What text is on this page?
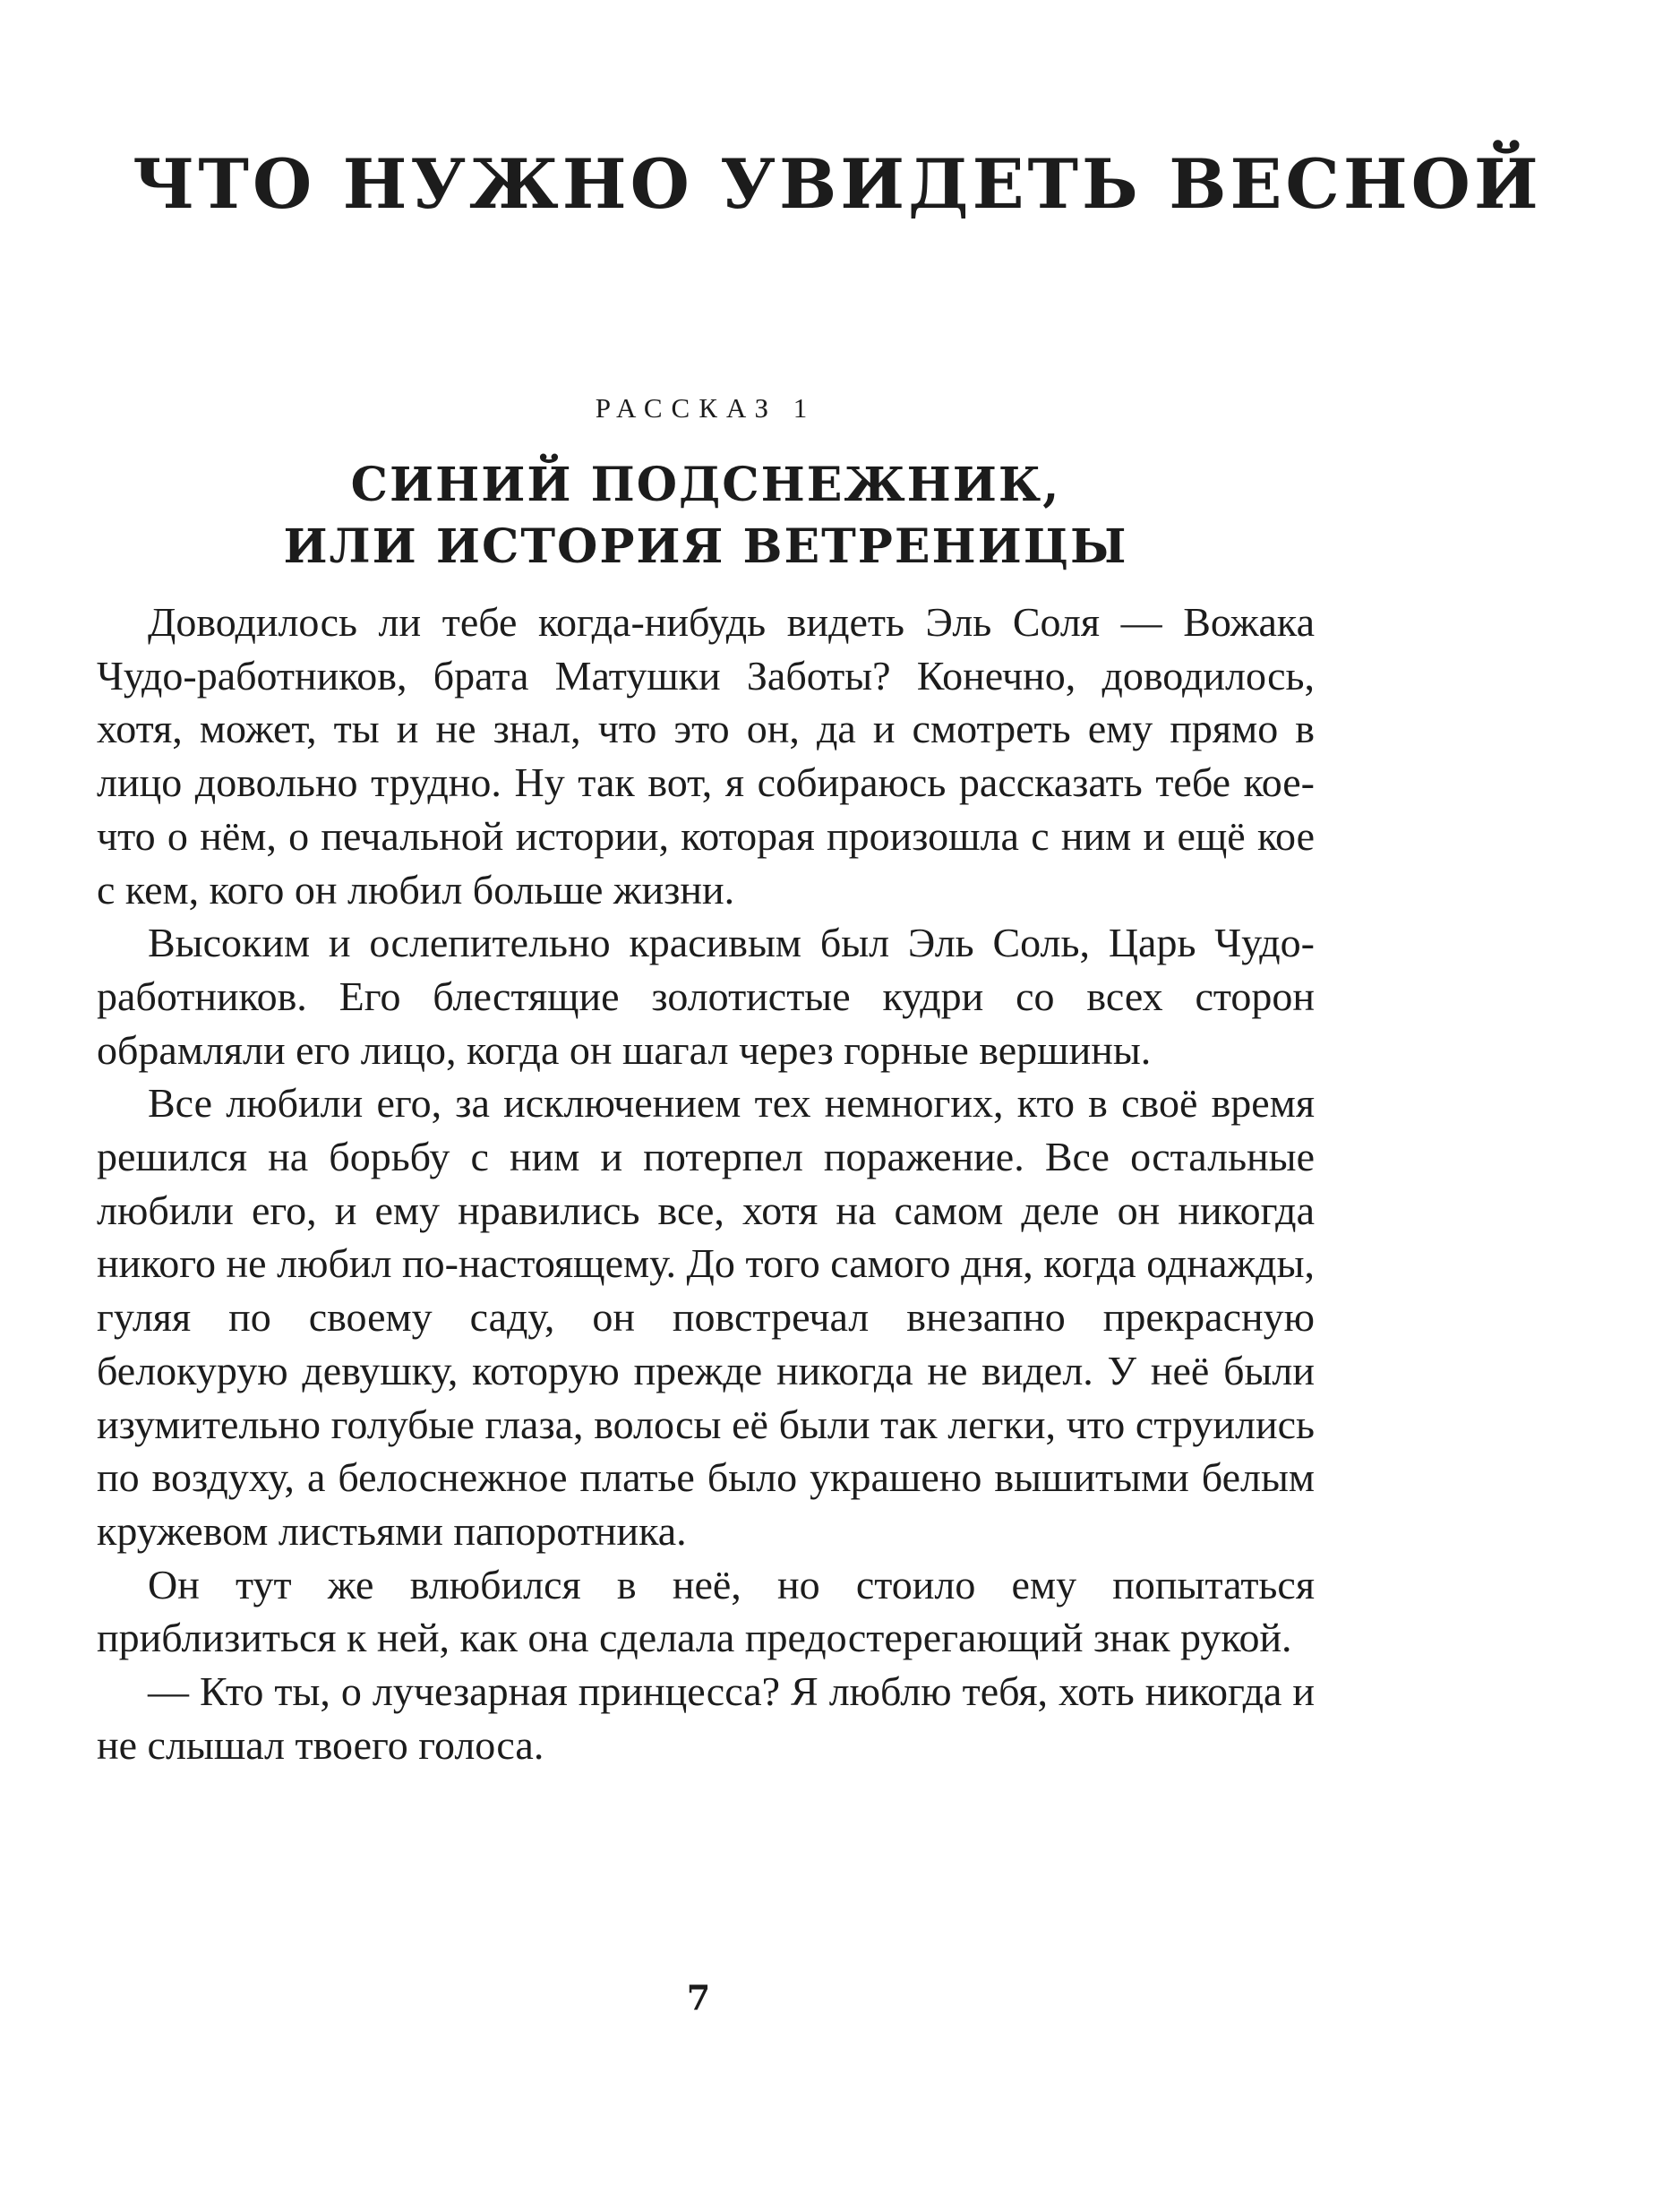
ЧТО НУЖНО УВИДЕТЬ ВЕСНОЙ
РАССКАЗ 1
СИНИЙ ПОДСНЕЖНИК,
ИЛИ ИСТОРИЯ ВЕТРЕНИЦЫ

Доводилось ли тебе когда-нибудь видеть Эль Соля — Вожака Чудо-работников, брата Матушки Заботы? Конечно, доводилось, хотя, может, ты и не знал, что это он, да и смотреть ему прямо в лицо довольно трудно. Ну так вот, я собираюсь рассказать тебе кое-что о нём, о печальной истории, которая произошла с ним и ещё кое с кем, кого он любил больше жизни.

Высоким и ослепительно красивым был Эль Соль, Царь Чудо-работников. Его блестящие золотистые кудри со всех сторон обрамляли его лицо, когда он шагал через горные вершины.

Все любили его, за исключением тех немногих, кто в своё время решился на борьбу с ним и потерпел поражение. Все остальные любили его, и ему нравились все, хотя на самом деле он никогда никого не любил по-настоящему. До того самого дня, когда однажды, гуляя по своему саду, он повстречал внезапно прекрасную белокурую девушку, которую прежде никогда не видел. У неё были изумительно голубые глаза, волосы её были так легки, что струились по воздуху, а белоснежное платье было украшено вышитыми белым кружевом листьями папоротника.

Он тут же влюбился в неё, но стоило ему попытаться приблизиться к ней, как она сделала предостерегающий знак рукой.

— Кто ты, о лучезарная принцесса? Я люблю тебя, хоть никогда и не слышал твоего голоса.

7
